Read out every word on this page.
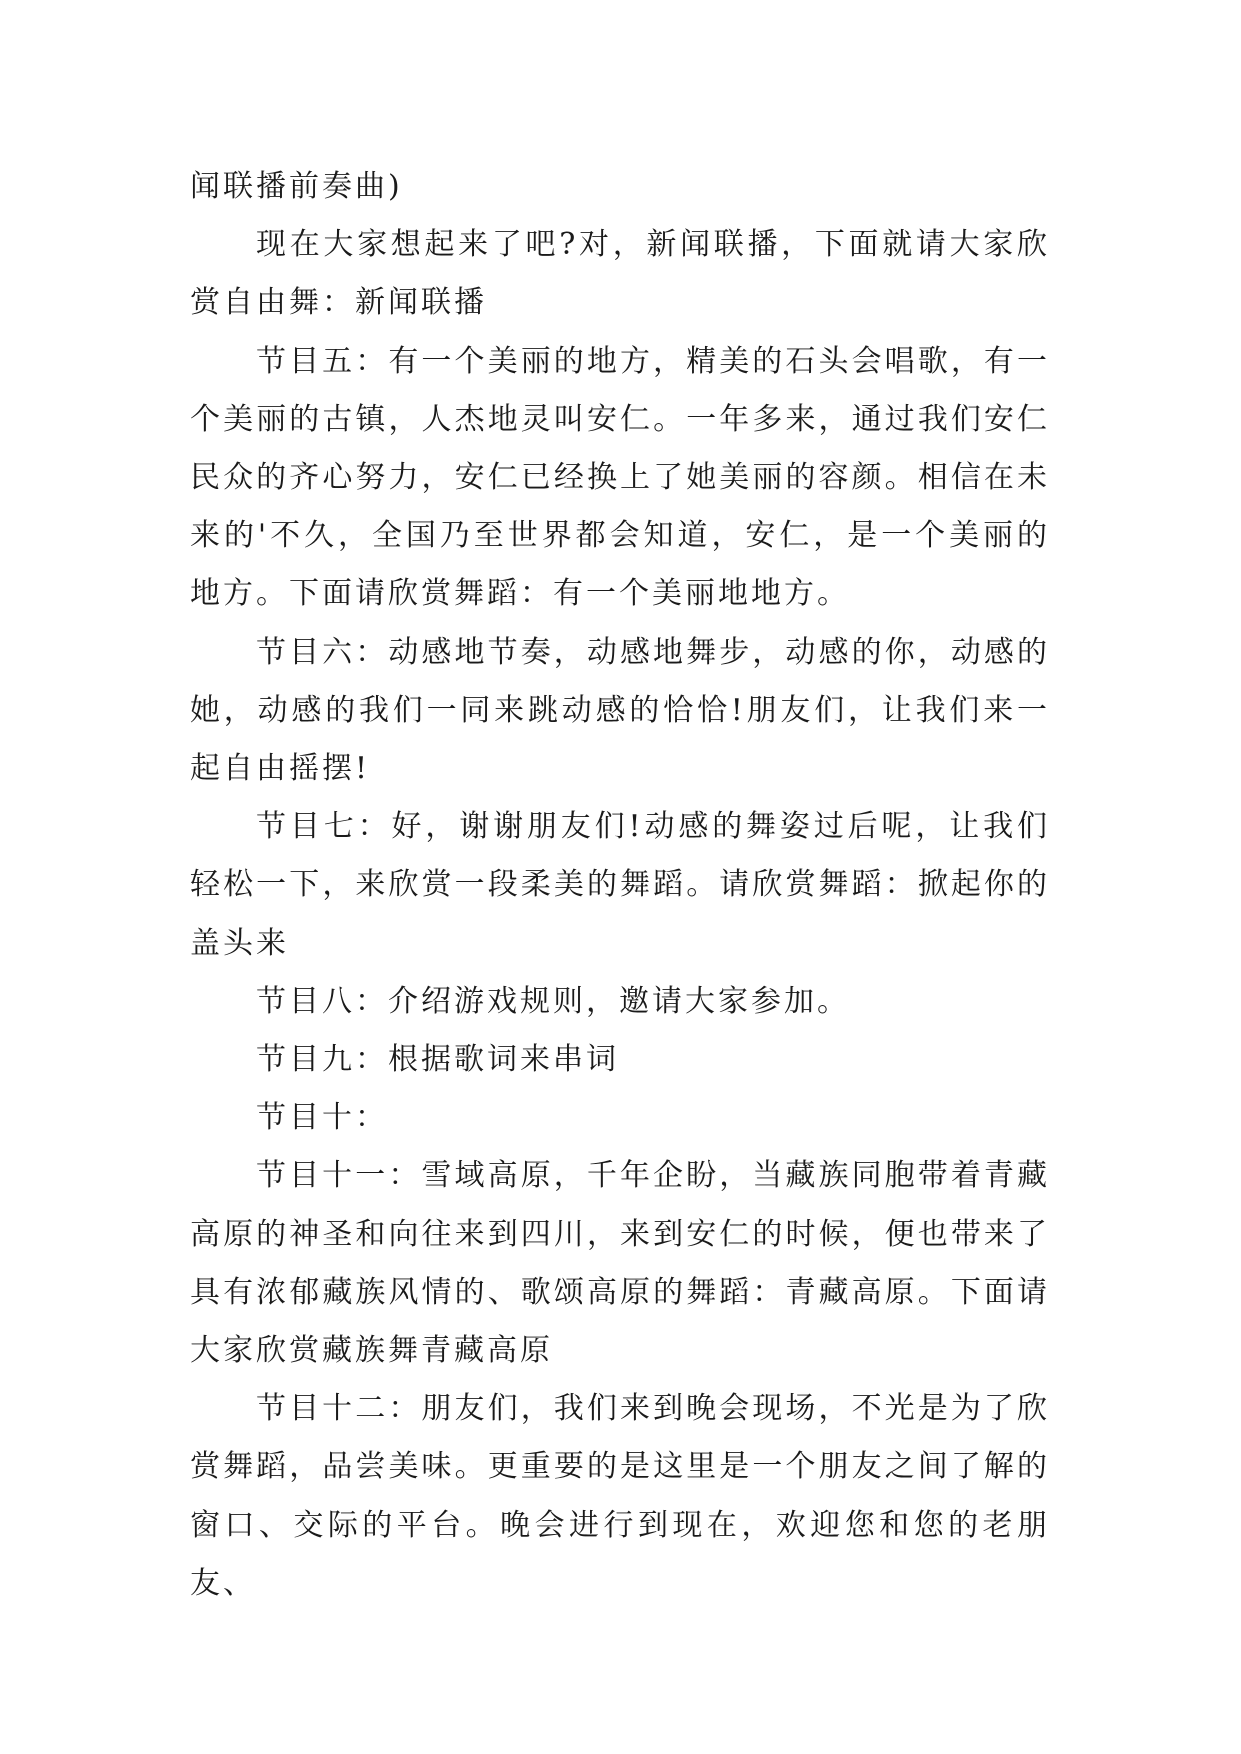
闻联播前奏曲)

现在大家想起来了吧?对，新闻联播，下面就请大家欣赏自由舞：新闻联播

节目五：有一个美丽的地方，精美的石头会唱歌，有一个美丽的古镇，人杰地灵叫安仁。一年多来，通过我们安仁民众的齐心努力，安仁已经换上了她美丽的容颜。相信在未来的'不久，全国乃至世界都会知道，安仁，是一个美丽的地方。下面请欣赏舞蹈：有一个美丽地地方。

节目六：动感地节奏，动感地舞步，动感的你，动感的她，动感的我们一同来跳动感的恰恰!朋友们，让我们来一起自由摇摆!

节目七：好，谢谢朋友们!动感的舞姿过后呢，让我们轻松一下，来欣赏一段柔美的舞蹈。请欣赏舞蹈：掀起你的盖头来

节目八：介绍游戏规则，邀请大家参加。

节目九：根据歌词来串词

节目十：

节目十一：雪域高原，千年企盼，当藏族同胞带着青藏高原的神圣和向往来到四川，来到安仁的时候，便也带来了具有浓郁藏族风情的、歌颂高原的舞蹈：青藏高原。下面请大家欣赏藏族舞青藏高原

节目十二：朋友们，我们来到晚会现场，不光是为了欣赏舞蹈，品尝美味。更重要的是这里是一个朋友之间了解的窗口、交际的平台。晚会进行到现在，欢迎您和您的老朋友、
